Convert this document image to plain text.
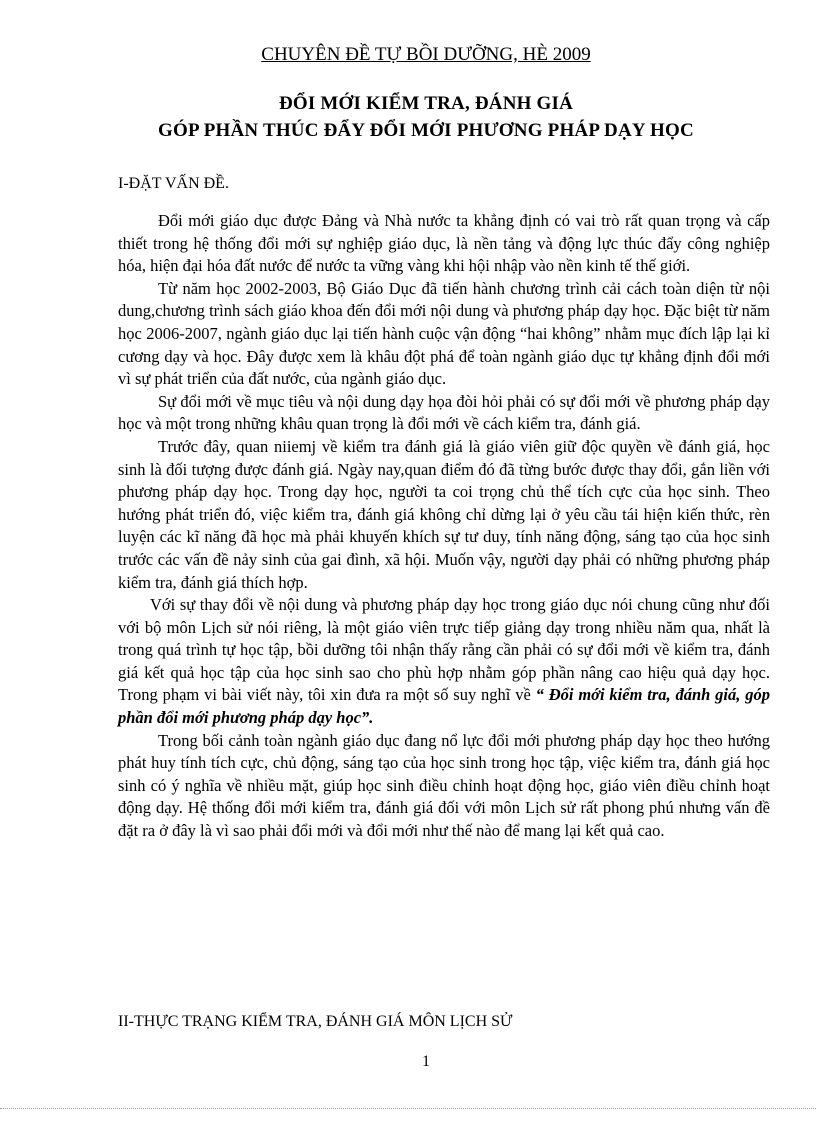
CHUYÊN ĐỀ TỰ BỒI DƯỠNG, HÈ 2009
ĐỔI MỚI KIỂM TRA, ĐÁNH GIÁ
GÓP PHẦN THÚC ĐẨY ĐỔI MỚI PHƯƠNG PHÁP DẠY HỌC
I-ĐẶT VẤN ĐỀ.

Đổi mới giáo dục được Đảng và Nhà nước ta khẳng định có vai trò rất quan trọng và cấp thiết trong hệ thống đổi mới sự nghiệp giáo dục, là nền tảng và động lực thúc đẩy công nghiệp hóa, hiện đại hóa đất nước để nước ta vững vàng khi hội nhập vào nền kinh tế thế giới.

Từ năm học 2002-2003, Bộ Giáo Dục đã tiến hành chương trình cải cách toàn diện từ nội dung,chương trình sách giáo khoa đến đổi mới nội dung và phương pháp dạy học. Đặc biệt từ năm học 2006-2007, ngành giáo dục lại tiến hành cuộc vận động “hai không” nhằm mục đích lập lại kỉ cương dạy và học. Đây được xem là khâu đột phá để toàn ngành giáo dục tự khẳng định đổi mới vì sự phát triển của đất nước, của ngành giáo dục.

Sự đổi mới về mục tiêu và nội dung dạy họa đòi hỏi phải có sự đổi mới về phương pháp dạy học và một trong những khâu quan trọng là đổi mới về cách kiểm tra, đánh giá.

Trước đây, quan niiemj về kiểm tra đánh giá là giáo viên giữ độc quyền về đánh giá, học sinh là đối tượng được đánh giá. Ngày nay,quan điểm đó đã từng bước được thay đổi, gắn liền với phương pháp dạy học. Trong dạy học, người ta coi trọng chủ thể tích cực của học sinh. Theo hướng phát triển đó, việc kiểm tra, đánh giá không chỉ dừng lại ở yêu cầu tái hiện kiến thức, rèn luyện các kĩ năng đã học mà phải khuyến khích sự tư duy, tính năng động, sáng tạo của học sinh trước các vấn đề nảy sinh của gai đình, xã hội. Muốn vậy, người dạy phải có những phương pháp kiểm tra, đánh giá thích hợp.

Với sự thay đổi về nội dung và phương pháp dạy học trong giáo dục nói chung cũng như đối với bộ môn Lịch sử nói riêng, là một giáo viên trực tiếp giảng dạy trong nhiều năm qua, nhất là trong quá trình tự học tập, bồi dưỡng tôi nhận thấy rằng cần phải có sự đổi mới về kiểm tra, đánh giá kết quả học tập của học sinh sao cho phù hợp nhằm góp phần nâng cao hiệu quả dạy học. Trong phạm vi bài viết này, tôi xin đưa ra một số suy nghĩ về “ Đổi mới kiểm tra, đánh giá, góp phần đổi mới phương pháp dạy học”.

Trong bối cảnh toàn ngành giáo dục đang nổ lực đổi mới phương pháp dạy học theo hướng phát huy tính tích cực, chủ động, sáng tạo của học sinh trong học tập, việc kiểm tra, đánh giá học sinh có ý nghĩa về nhiều mặt, giúp học sinh điều chỉnh hoạt động học, giáo viên điều chỉnh hoạt động dạy. Hệ thống đổi mới kiểm tra, đánh giá đối với môn Lịch sử rất phong phú nhưng vấn đề đặt ra ở đây là vì sao phải đổi mới và đổi mới như thế nào để mang lại kết quả cao.

II-THỰC TRẠNG KIỂM TRA, ĐÁNH GIÁ MÔN LỊCH SỬ
1
